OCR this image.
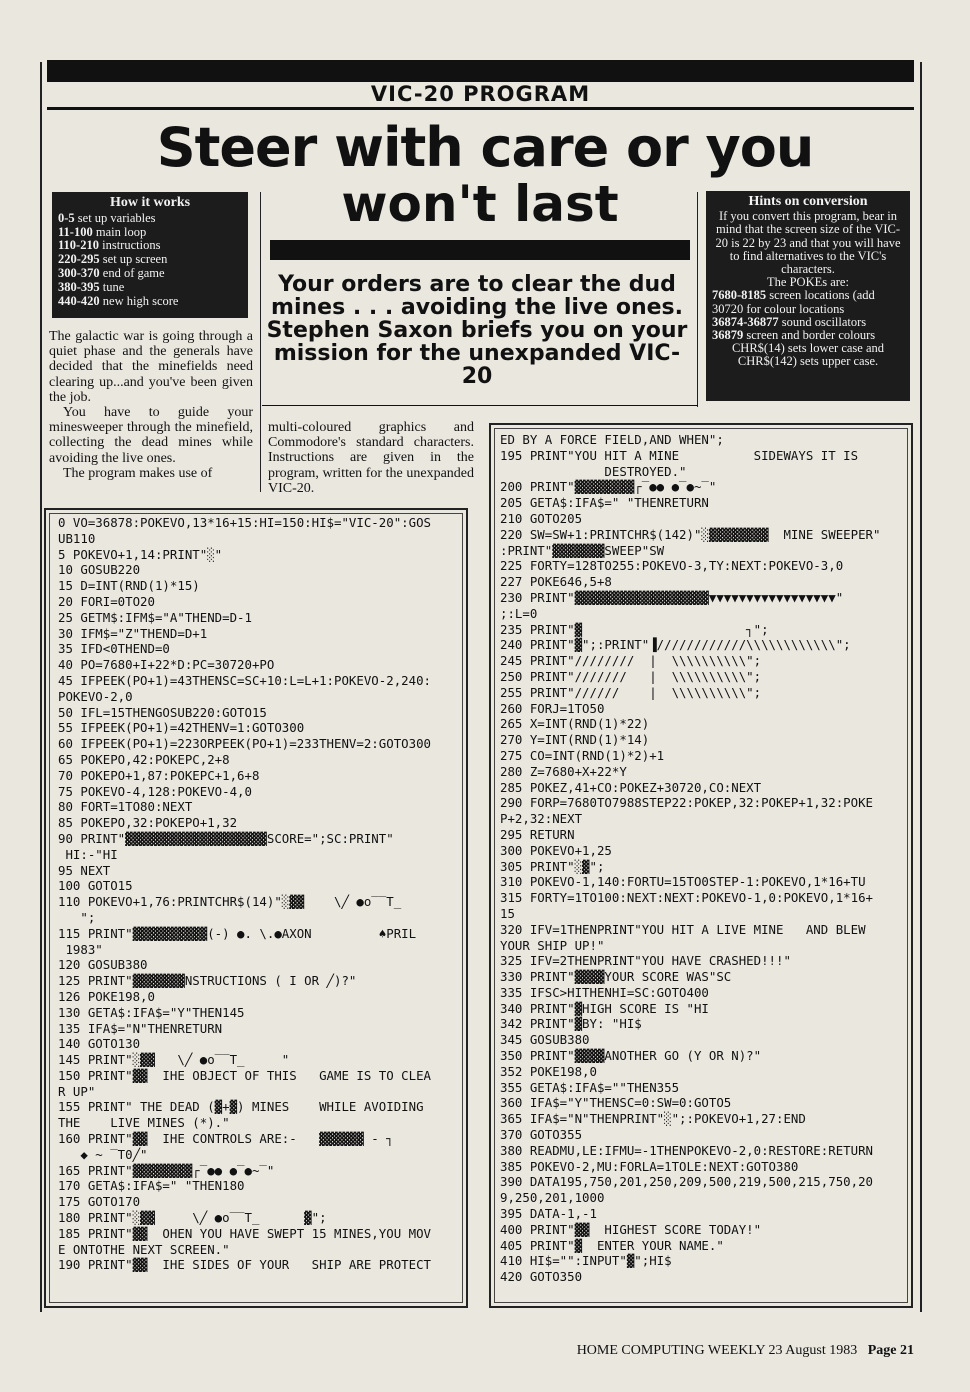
VIC-20 PROGRAM
Steer with care or you
won't last
How it works
0-5 set up variables
11-100 main loop
110-210 instructions
220-295 set up screen
300-370 end of game
380-395 tune
440-420 new high score
Hints on conversion
If you convert this program, bear in mind that the screen size of the VIC-20 is 22 by 23 and that you will have to find alternatives to the VIC's characters.
The POKEs are:
7680-8185 screen locations (add 30720 for colour locations
36874-36877 sound oscillators
36879 screen and border colours
CHR$(14) sets lower case and
CHR$(142) sets upper case.
Your orders are to clear the dud mines . . . avoiding the live ones. Stephen Saxon briefs you on your mission for the unexpanded VIC-20

The galactic war is going through a quiet phase and the generals have decided that the minefields need clearing up...and you've been given the job.

You have to guide your minesweeper through the minefield, collecting the dead mines while avoiding the live ones.

The program makes use of

multi-coloured graphics and Commodore's standard characters. Instructions are given in the program, written for the unexpanded VIC-20.
0 VO=36878:POKEVO,13*16+15:HI=150:HI$="VIC-20":GOS
UB110
5 POKEVO+1,14:PRINT"░"
10 GOSUB220
15 D=INT(RND(1)*15)
20 FORI=0TO20
25 GETM$:IFM$="A"THEND=D-1
30 IFM$="Z"THEND=D+1
35 IFD<0THEND=0
40 PO=7680+I+22*D:PC=30720+PO
45 IFPEEK(PO+1)=43THENSC=SC+10:L=L+1:POKEVO-2,240:
POKEVO-2,0
50 IFL=15THENGOSUB220:GOTO15
55 IFPEEK(PO+1)=42THENV=1:GOTO300
60 IFPEEK(PO+1)=223ORPEEK(PO+1)=233THENV=2:GOTO300
65 POKEPO,42:POKEPC,2+8
70 POKEPO+1,87:POKEPC+1,6+8
75 POKEVO-4,128:POKEVO-4,0
80 FORT=1TO80:NEXT
85 POKEPO,32:POKEPO+1,32
90 PRINT"▓▓▓▓▓▓▓▓▓▓▓▓▓▓▓▓▓▓▓SCORE=";SC:PRINT"
HI:-"HI
95 NEXT
100 GOTO15
110 POKEVO+1,76:PRINTCHR$(14)"░▓▓    \╱ ●o‾‾T_
";
115 PRINT"▓▓▓▓▓▓▓▓▓▓(-) ●. \.●AXON         ♠PRIL
1983"
120 GOSUB380
125 PRINT"▓▓▓▓▓▓▓NSTRUCTIONS ( I OR ╱)?"
126 POKE198,0
130 GETA$:IFA$="Y"THEN145
135 IFA$="N"THENRETURN
140 GOTO130
145 PRINT"░▓▓   \╱ ●o‾‾T_     "
150 PRINT"▓▓  IHE OBJECT OF THIS   GAME IS TO CLEA
R UP"
155 PRINT" THE DEAD (▓+▓) MINES    WHILE AVOIDING
THE    LIVE MINES (*)."
160 PRINT"▓▓  IHE CONTROLS ARE:-   ▓▓▓▓▓▓ - ┐
◆ ~ ‾T0╱"
165 PRINT"▓▓▓▓▓▓▓▓┌‾●● ●‾●~‾"
170 GETA$:IFA$=" "THEN180
175 GOTO170
180 PRINT"░▓▓     \╱ ●o‾‾T_      ▓";
185 PRINT"▓▓  OHEN YOU HAVE SWEPT 15 MINES,YOU MOV
E ONTOTHE NEXT SCREEN."
190 PRINT"▓▓  IHE SIDES OF YOUR   SHIP ARE PROTECT
ED BY A FORCE FIELD,AND WHEN";
195 PRINT"YOU HIT A MINE          SIDEWAYS IT IS
DESTROYED."
200 PRINT"▓▓▓▓▓▓▓▓┌‾●● ●‾●~‾"
205 GETA$:IFA$=" "THENRETURN
210 GOTO205
220 SW=SW+1:PRINTCHR$(142)"░▓▓▓▓▓▓▓▓  MINE SWEEPER"
:PRINT"▓▓▓▓▓▓▓SWEEP"SW
225 FORTY=128TO255:POKEVO-3,TY:NEXT:POKEVO-3,0
227 POKE646,5+8
230 PRINT"▓▓▓▓▓▓▓▓▓▓▓▓▓▓▓▓▓▓▼▼▼▼▼▼▼▼▼▼▼▼▼▼▼▼▼"
;:L=0
235 PRINT"▓                      ┐";
240 PRINT"▓";:PRINT"▐////////////\\\\\\\\\\\\";
245 PRINT"////////  |  \\\\\\\\\\";
250 PRINT"///////   |  \\\\\\\\\\";
255 PRINT"//////    |  \\\\\\\\\\";
260 FORJ=1TO50
265 X=INT(RND(1)*22)
270 Y=INT(RND(1)*14)
275 CO=INT(RND(1)*2)+1
280 Z=7680+X+22*Y
285 POKEZ,41+CO:POKEZ+30720,CO:NEXT
290 FORP=7680TO7988STEP22:POKEP,32:POKEP+1,32:POKE
P+2,32:NEXT
295 RETURN
300 POKEVO+1,25
305 PRINT"░▓";
310 POKEVO-1,140:FORTU=15TO0STEP-1:POKEVO,1*16+TU
315 FORTY=1TO100:NEXT:NEXT:POKEVO-1,0:POKEVO,1*16+
15
320 IFV=1THENPRINT"YOU HIT A LIVE MINE   AND BLEW
YOUR SHIP UP!"
325 IFV=2THENPRINT"YOU HAVE CRASHED!!!"
330 PRINT"▓▓▓▓YOUR SCORE WAS"SC
335 IFSC>HITHENHI=SC:GOTO400
340 PRINT"▓HIGH SCORE IS "HI
342 PRINT"▓BY: "HI$
345 GOSUB380
350 PRINT"▓▓▓▓ANOTHER GO (Y OR N)?"
352 POKE198,0
355 GETA$:IFA$=""THEN355
360 IFA$="Y"THENSC=0:SW=0:GOTO5
365 IFA$="N"THENPRINT"░";:POKEVO+1,27:END
370 GOTO355
380 READMU,LE:IFMU=-1THENPOKEVO-2,0:RESTORE:RETURN
385 POKEVO-2,MU:FORLA=1TOLE:NEXT:GOTO380
390 DATA195,750,201,250,209,500,219,500,215,750,20
9,250,201,1000
395 DATA-1,-1
400 PRINT"▓▓  HIGHEST SCORE TODAY!"
405 PRINT"▓  ENTER YOUR NAME."
410 HI$="":INPUT"▓";HI$
420 GOTO350
HOME COMPUTING WEEKLY 23 August 1983 Page 21
